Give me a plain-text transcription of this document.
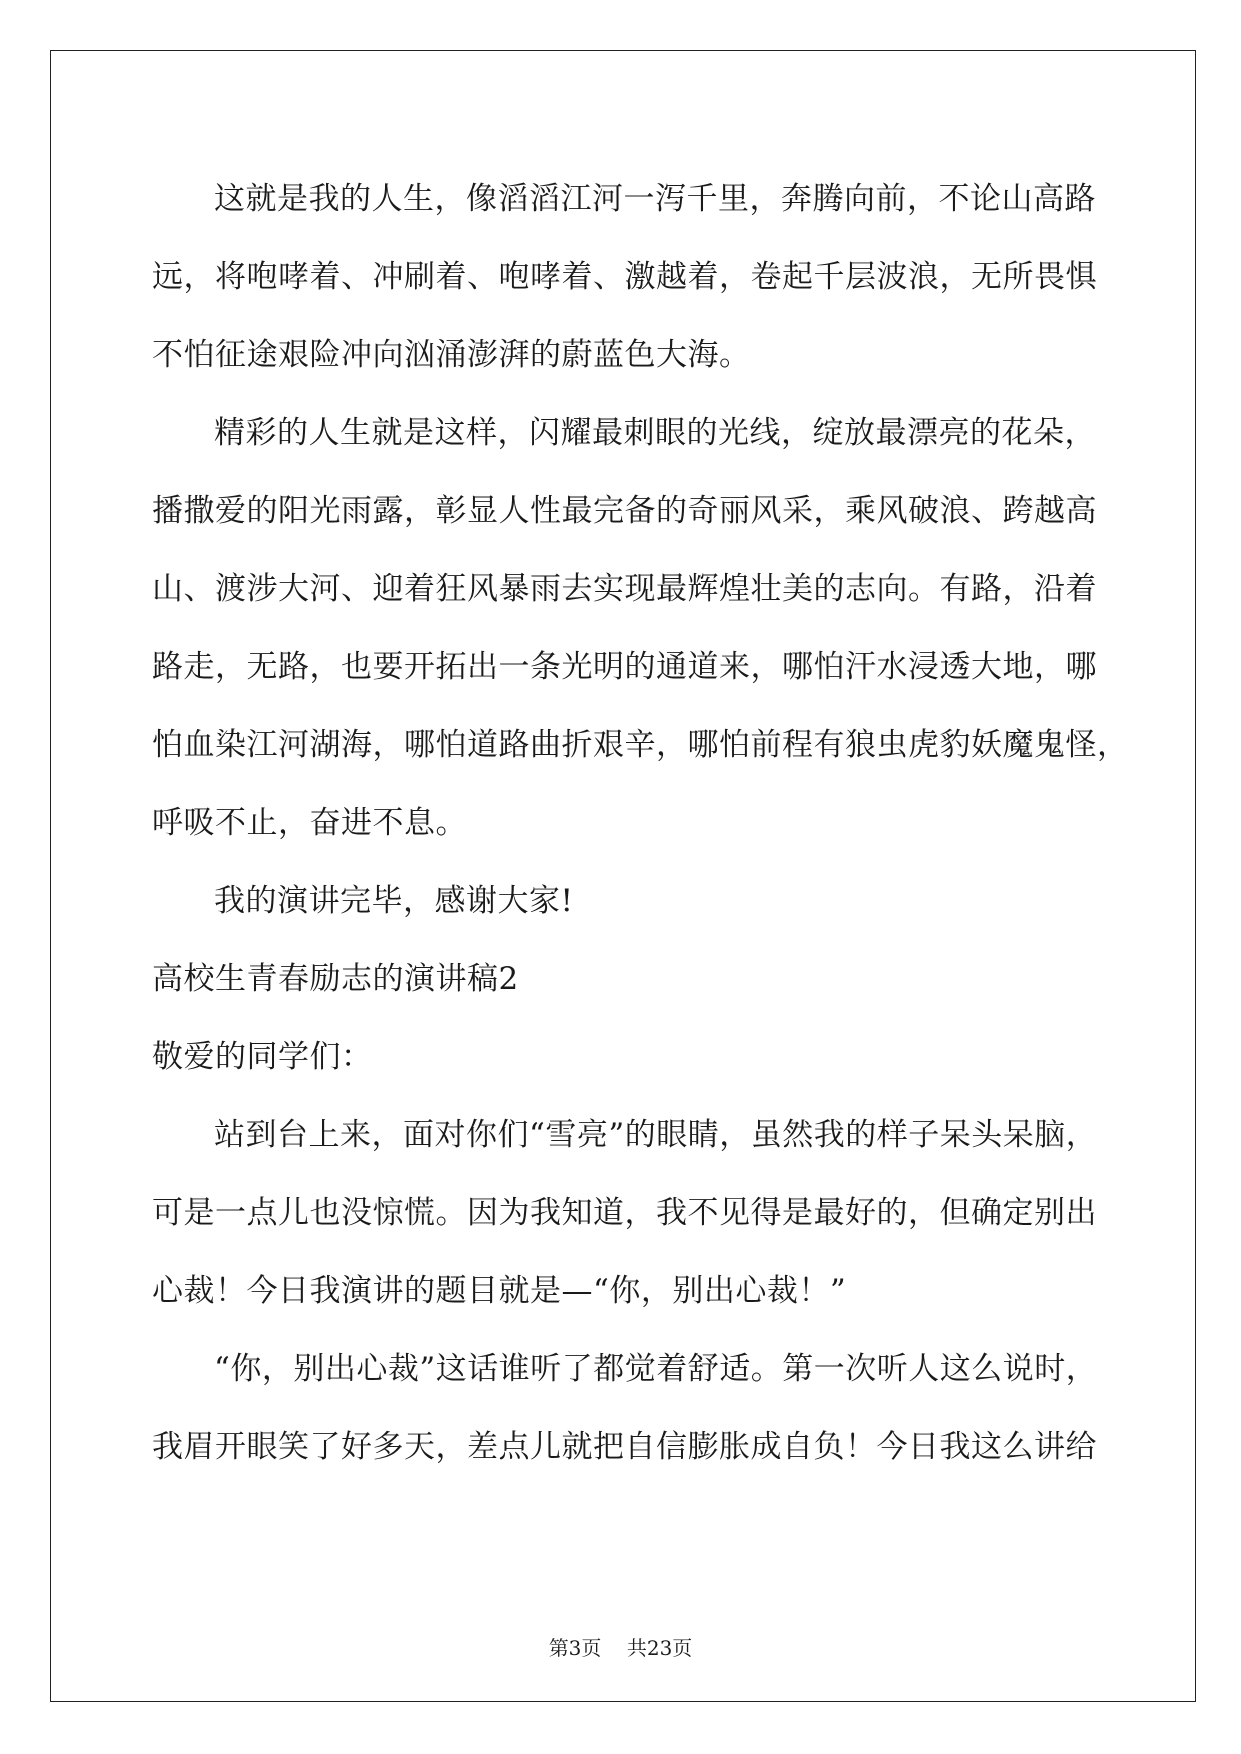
这就是我的人生，像滔滔江河一泻千里，奔腾向前，不论山高路

远，将咆哮着、冲刷着、咆哮着、激越着，卷起千层波浪，无所畏惧

不怕征途艰险冲向汹涌澎湃的蔚蓝色大海。

精彩的人生就是这样，闪耀最刺眼的光线，绽放最漂亮的花朵，

播撒爱的阳光雨露，彰显人性最完备的奇丽风采，乘风破浪、跨越高

山、渡涉大河、迎着狂风暴雨去实现最辉煌壮美的志向。有路，沿着

路走，无路，也要开拓出一条光明的通道来，哪怕汗水浸透大地，哪

怕血染江河湖海，哪怕道路曲折艰辛，哪怕前程有狼虫虎豹妖魔鬼怪，

呼吸不止，奋进不息。

我的演讲完毕，感谢大家!

高校生青春励志的演讲稿2

敬爱的同学们：

站到台上来，面对你们“雪亮”的眼睛，虽然我的样子呆头呆脑，

可是一点儿也没惊慌。因为我知道，我不见得是最好的，但确定别出

心裁！今日我演讲的题目就是—“你，别出心裁！”

“你，别出心裁”这话谁听了都觉着舒适。第一次听人这么说时，

我眉开眼笑了好多天，差点儿就把自信膨胀成自负！今日我这么讲给

第3页 共23页
